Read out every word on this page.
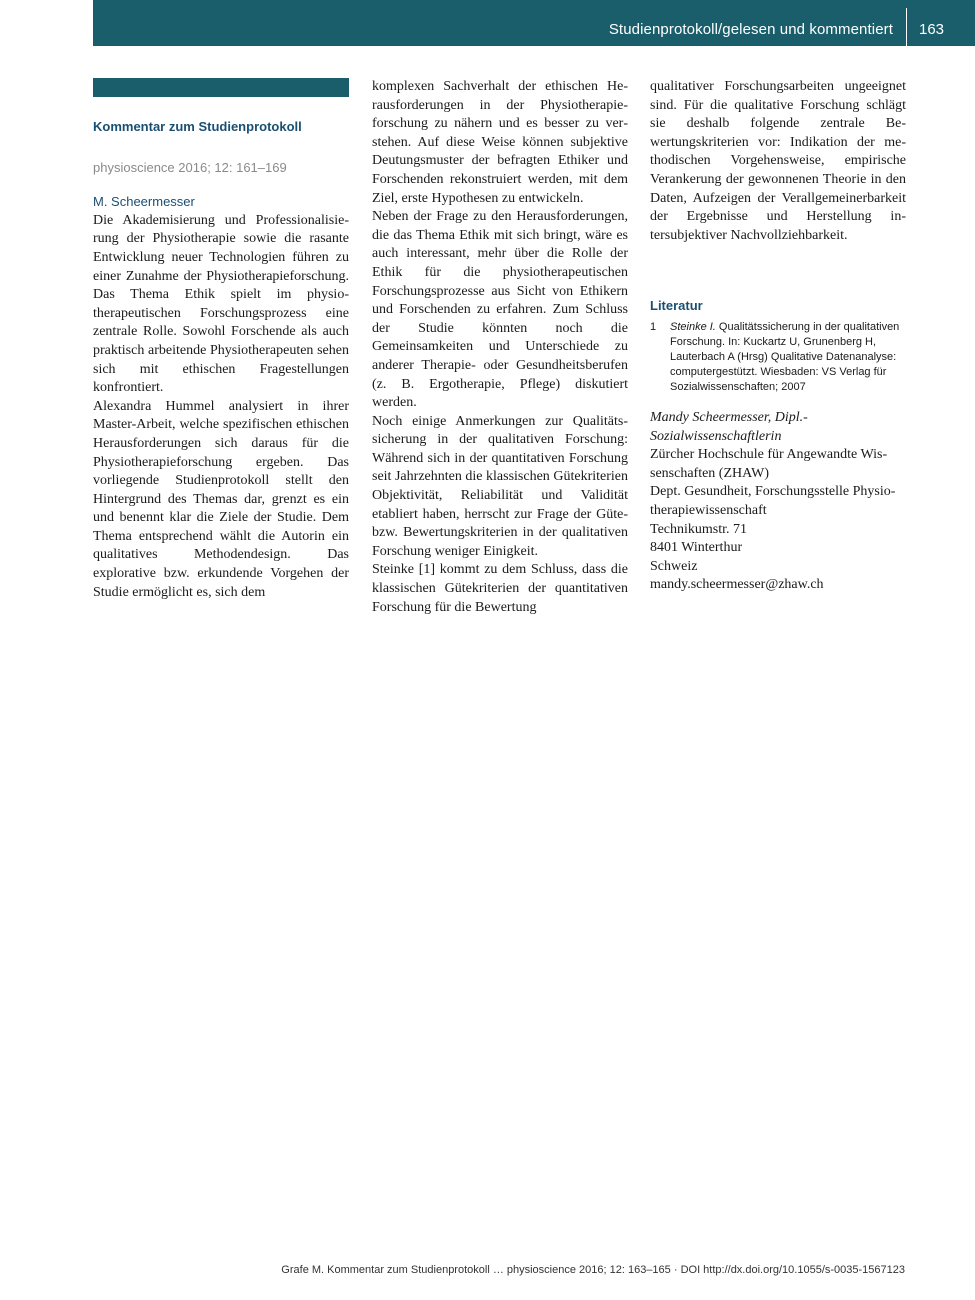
Studienprotokoll/gelesen und kommentiert 163
Kommentar zum Studienprotokoll
physioscience 2016; 12: 161–169
M. Scheermesser

Die Akademisierung und Professionalisierung der Physiotherapie sowie die rasante Entwicklung neuer Technologien führen zu einer Zunahme der Physiotherapieforschung. Das Thema Ethik spielt im physiotherapeutischen Forschungsprozess eine zentrale Rolle. Sowohl Forschende als auch praktisch arbeitende Physiotherapeuten sehen sich mit ethischen Fragestellungen konfrontiert.

Alexandra Hummel analysiert in ihrer Master-Arbeit, welche spezifischen ethischen Herausforderungen sich daraus für die Physiotherapieforschung ergeben. Das vorliegende Studienprotokoll stellt den Hintergrund des Themas dar, grenzt es ein und benennt klar die Ziele der Studie. Dem Thema entsprechend wählt die Autorin ein qualitatives Methodendesign. Das explorative bzw. erkundende Vorgehen der Studie ermöglicht es, sich dem

komplexen Sachverhalt der ethischen Herausforderungen in der Physiotherapieforschung zu nähern und es besser zu verstehen. Auf diese Weise können subjektive Deutungsmuster der befragten Ethiker und Forschenden rekonstruiert werden, mit dem Ziel, erste Hypothesen zu entwickeln.

Neben der Frage zu den Herausforderungen, die das Thema Ethik mit sich bringt, wäre es auch interessant, mehr über die Rolle der Ethik für die physiotherapeutischen Forschungsprozesse aus Sicht von Ethikern und Forschenden zu erfahren. Zum Schluss der Studie könnten noch die Gemeinsamkeiten und Unterschiede zu anderer Therapie- oder Gesundheitsberufen (z. B. Ergotherapie, Pflege) diskutiert werden.

Noch einige Anmerkungen zur Qualitätssicherung in der qualitativen Forschung: Während sich in der quantitativen Forschung seit Jahrzehnten die klassischen Gütekriterien Objektivität, Reliabilität und Validität etabliert haben, herrscht zur Frage der Güte- bzw. Bewertungskriterien in der qualitativen Forschung weniger Einigkeit.

Steinke [1] kommt zu dem Schluss, dass die klassischen Gütekriterien der quantitativen Forschung für die Bewertung

qualitativer Forschungsarbeiten ungeeignet sind. Für die qualitative Forschung schlägt sie deshalb folgende zentrale Bewertungskriterien vor: Indikation der methodischen Vorgehensweise, empirische Verankerung der gewonnenen Theorie in den Daten, Aufzeigen der Verallgemeinerbarkeit der Ergebnisse und Herstellung intersubjektiver Nachvollziehbarkeit.

Literatur
1	Steinke I. Qualitätssicherung in der qualitativen Forschung. In: Kuckartz U, Grunenberg H, Lauterbach A (Hrsg) Qualitative Datenanalyse: computergestützt. Wiesbaden: VS Verlag für Sozialwissenschaften; 2007
Mandy Scheermesser, Dipl.-Sozialwissenschaftlerin
Zürcher Hochschule für Angewandte Wissenschaften (ZHAW)
Dept. Gesundheit, Forschungsstelle Physiotherapiewissenschaft
Technikumstr. 71
8401 Winterthur
Schweiz
mandy.scheermesser@zhaw.ch
Grafe M. Kommentar zum Studienprotokoll … physioscience 2016; 12: 163–165 · DOI http://dx.doi.org/10.1055/s-0035-1567123
